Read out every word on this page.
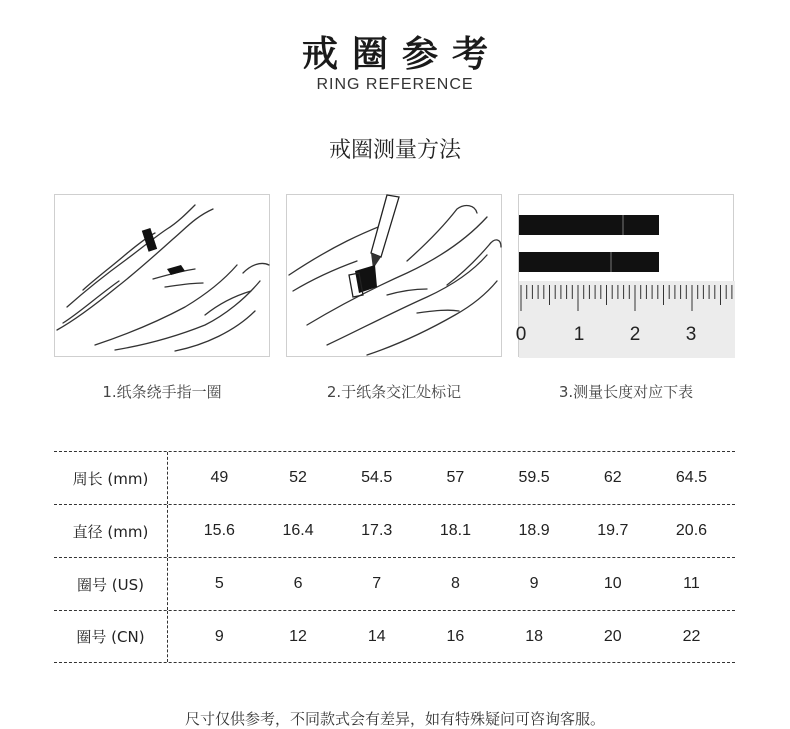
戒圈参考
RING REFERENCE
戒圈测量方法
0 1 2 3
1.纸条绕手指一圈	2.于纸条交汇处标记	3.测量长度对应下表
周长 (mm)	49	52	54.5	57	59.5	62	64.5
直径 (mm)	15.6	16.4	17.3	18.1	18.9	19.7	20.6
圈号 (US)	5	6	7	8	9	10	11
圈号 (CN)	9	12	14	16	18	20	22
尺寸仅供参考，不同款式会有差异，如有特殊疑问可咨询客服。
